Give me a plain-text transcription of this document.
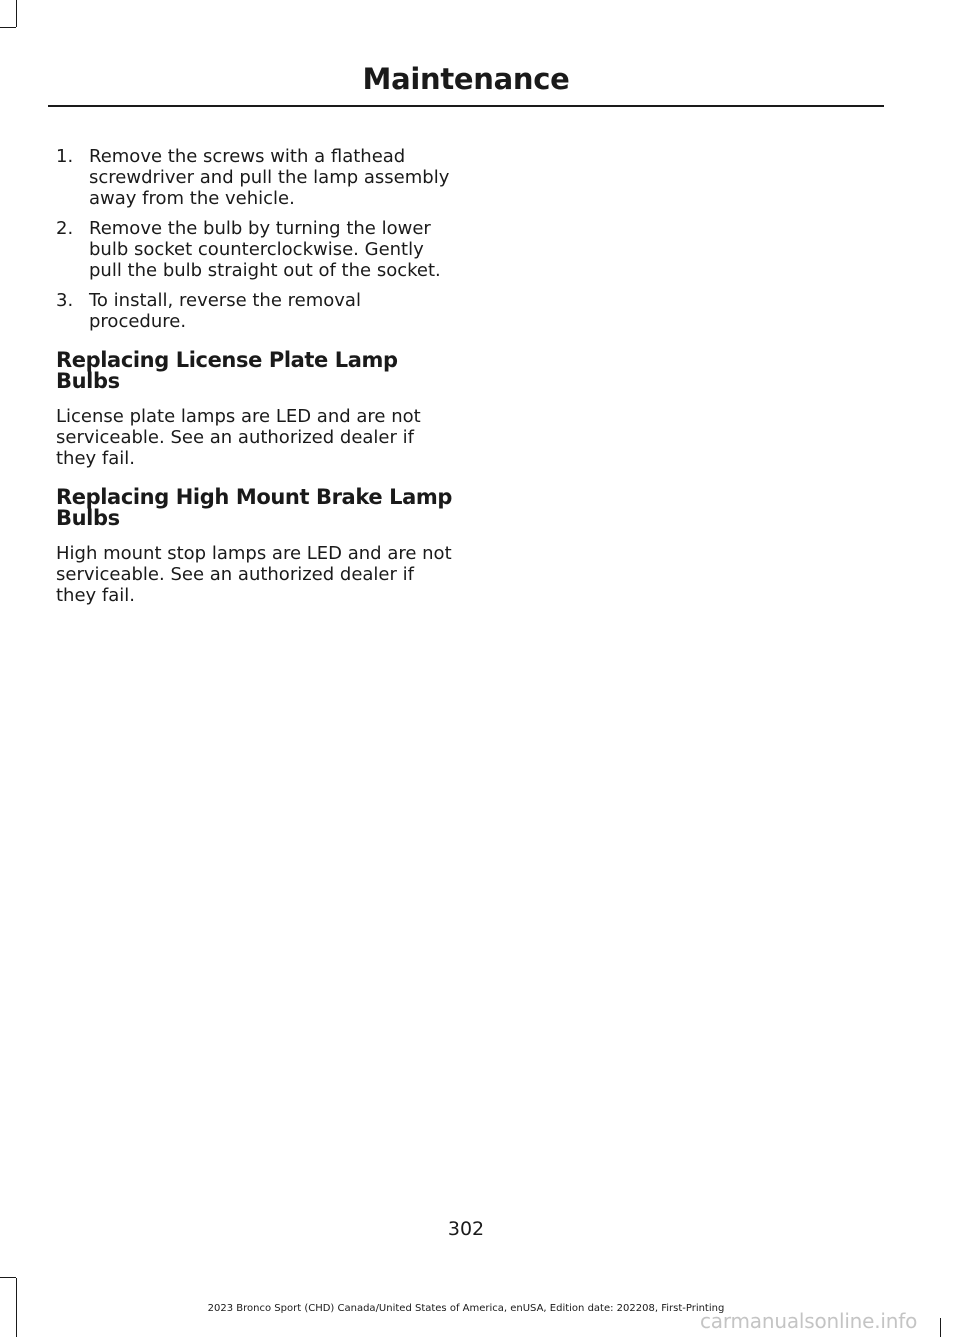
Maintenance
1. Remove the screws with a flathead screwdriver and pull the lamp assembly away from the vehicle.
2. Remove the bulb by turning the lower bulb socket counterclockwise. Gently pull the bulb straight out of the socket.
3. To install, reverse the removal procedure.
Replacing License Plate Lamp Bulbs

License plate lamps are LED and are not serviceable. See an authorized dealer if they fail.

Replacing High Mount Brake Lamp Bulbs

High mount stop lamps are LED and are not serviceable. See an authorized dealer if they fail.

302
2023 Bronco Sport (CHD) Canada/United States of America, enUSA, Edition date: 202208, First-Printing
carmanualsonline.info
